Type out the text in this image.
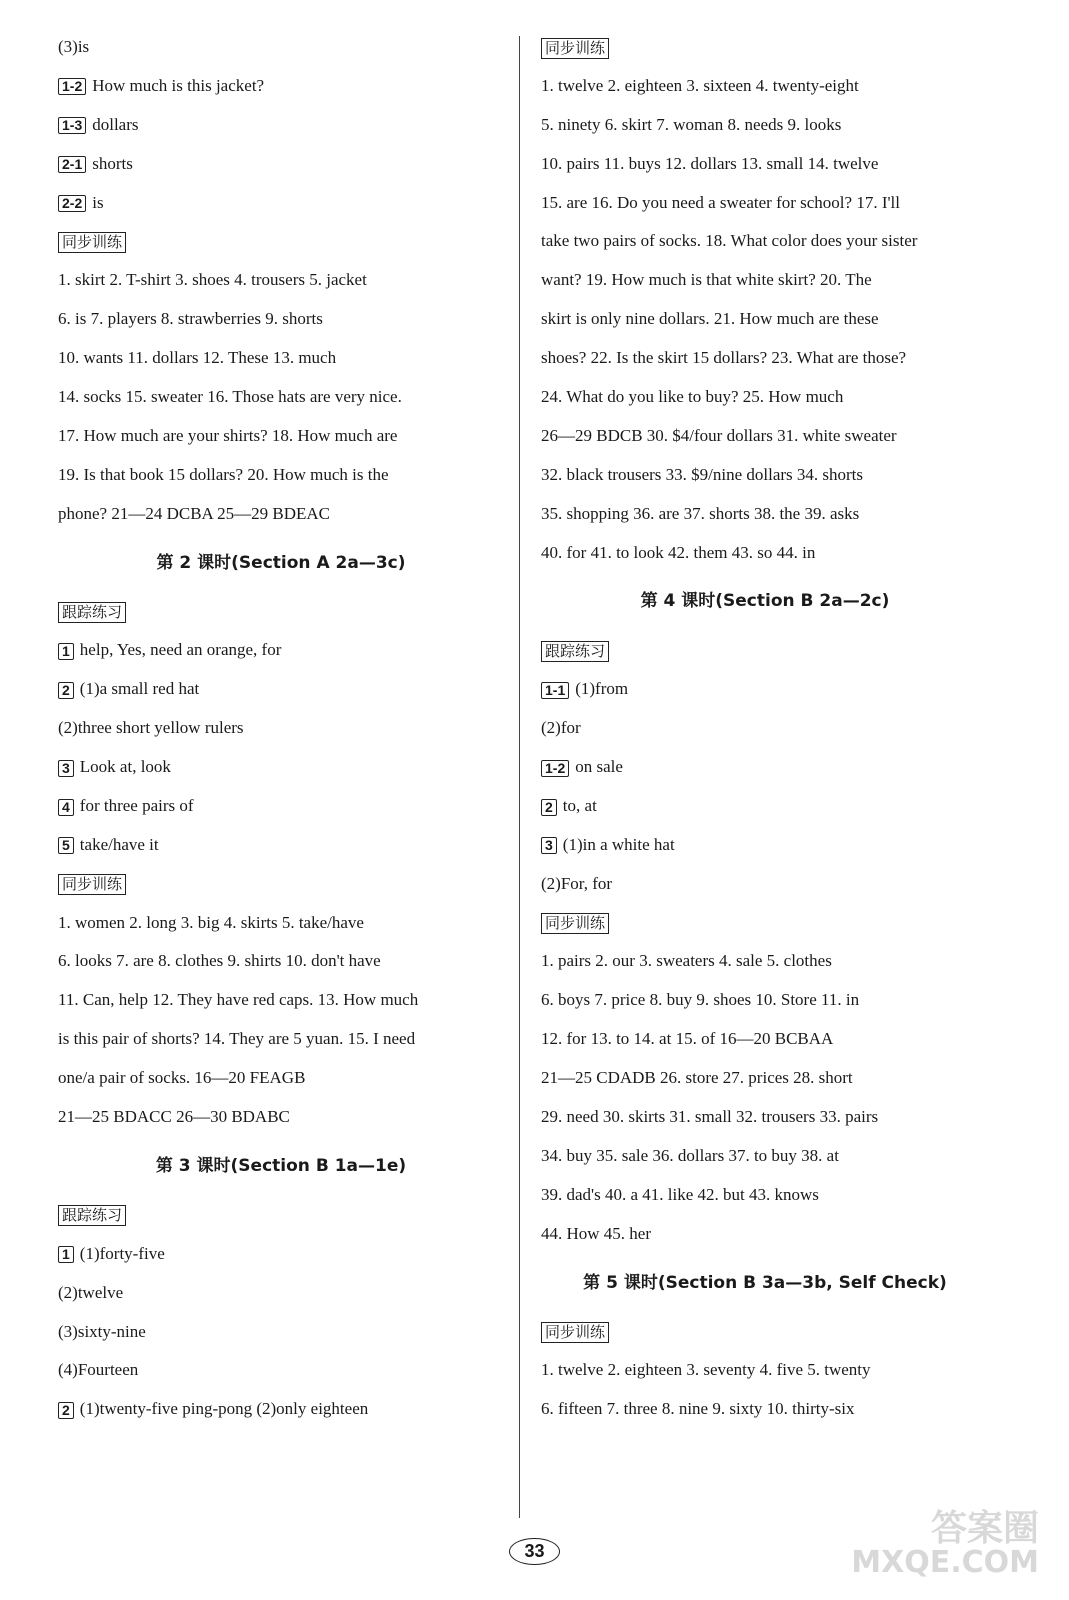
(3)is
1-2 How much is this jacket?
1-3 dollars
2-1 shorts
2-2 is
同步训练
1. skirt 2. T-shirt 3. shoes 4. trousers 5. jacket
6. is 7. players 8. strawberries 9. shorts
10. wants 11. dollars 12. These 13. much
14. socks 15. sweater 16. Those hats are very nice.
17. How much are your shirts? 18. How much are
19. Is that book 15 dollars? 20. How much is the
phone? 21—24 DCBA 25—29 BDEAC
第 2 课时(Section A 2a—3c)
跟踪练习
1 help, Yes, need an orange, for
2 (1)a small red hat
(2)three short yellow rulers
3 Look at, look
4 for three pairs of
5 take/have it
同步训练
1. women 2. long 3. big 4. skirts 5. take/have
6. looks 7. are 8. clothes 9. shirts 10. don't have
11. Can, help 12. They have red caps. 13. How much
is this pair of shorts? 14. They are 5 yuan. 15. I need
one/a pair of socks. 16—20 FEAGB
21—25 BDACC 26—30 BDABC
第 3 课时(Section B 1a—1e)
跟踪练习
1 (1)forty-five
(2)twelve
(3)sixty-nine
(4)Fourteen
2 (1)twenty-five ping-pong (2)only eighteen
同步训练
1. twelve 2. eighteen 3. sixteen 4. twenty-eight
5. ninety 6. skirt 7. woman 8. needs 9. looks
10. pairs 11. buys 12. dollars 13. small 14. twelve
15. are 16. Do you need a sweater for school? 17. I'll
take two pairs of socks. 18. What color does your sister
want? 19. How much is that white skirt? 20. The
skirt is only nine dollars. 21. How much are these
shoes? 22. Is the skirt 15 dollars? 23. What are those?
24. What do you like to buy? 25. How much
26—29 BDCB 30. $4/four dollars 31. white sweater
32. black trousers 33. $9/nine dollars 34. shorts
35. shopping 36. are 37. shorts 38. the 39. asks
40. for 41. to look 42. them 43. so 44. in
第 4 课时(Section B 2a—2c)
跟踪练习
1-1 (1)from
(2)for
1-2 on sale
2 to, at
3 (1)in a white hat
(2)For, for
同步训练
1. pairs 2. our 3. sweaters 4. sale 5. clothes
6. boys 7. price 8. buy 9. shoes 10. Store 11. in
12. for 13. to 14. at 15. of 16—20 BCBAA
21—25 CDADB 26. store 27. prices 28. short
29. need 30. skirts 31. small 32. trousers 33. pairs
34. buy 35. sale 36. dollars 37. to buy 38. at
39. dad's 40. a 41. like 42. but 43. knows
44. How 45. her
第 5 课时(Section B 3a—3b, Self Check)
同步训练
1. twelve 2. eighteen 3. seventy 4. five 5. twenty
6. fifteen 7. three 8. nine 9. sixty 10. thirty-six
33
答案圈
MXQE.COM
